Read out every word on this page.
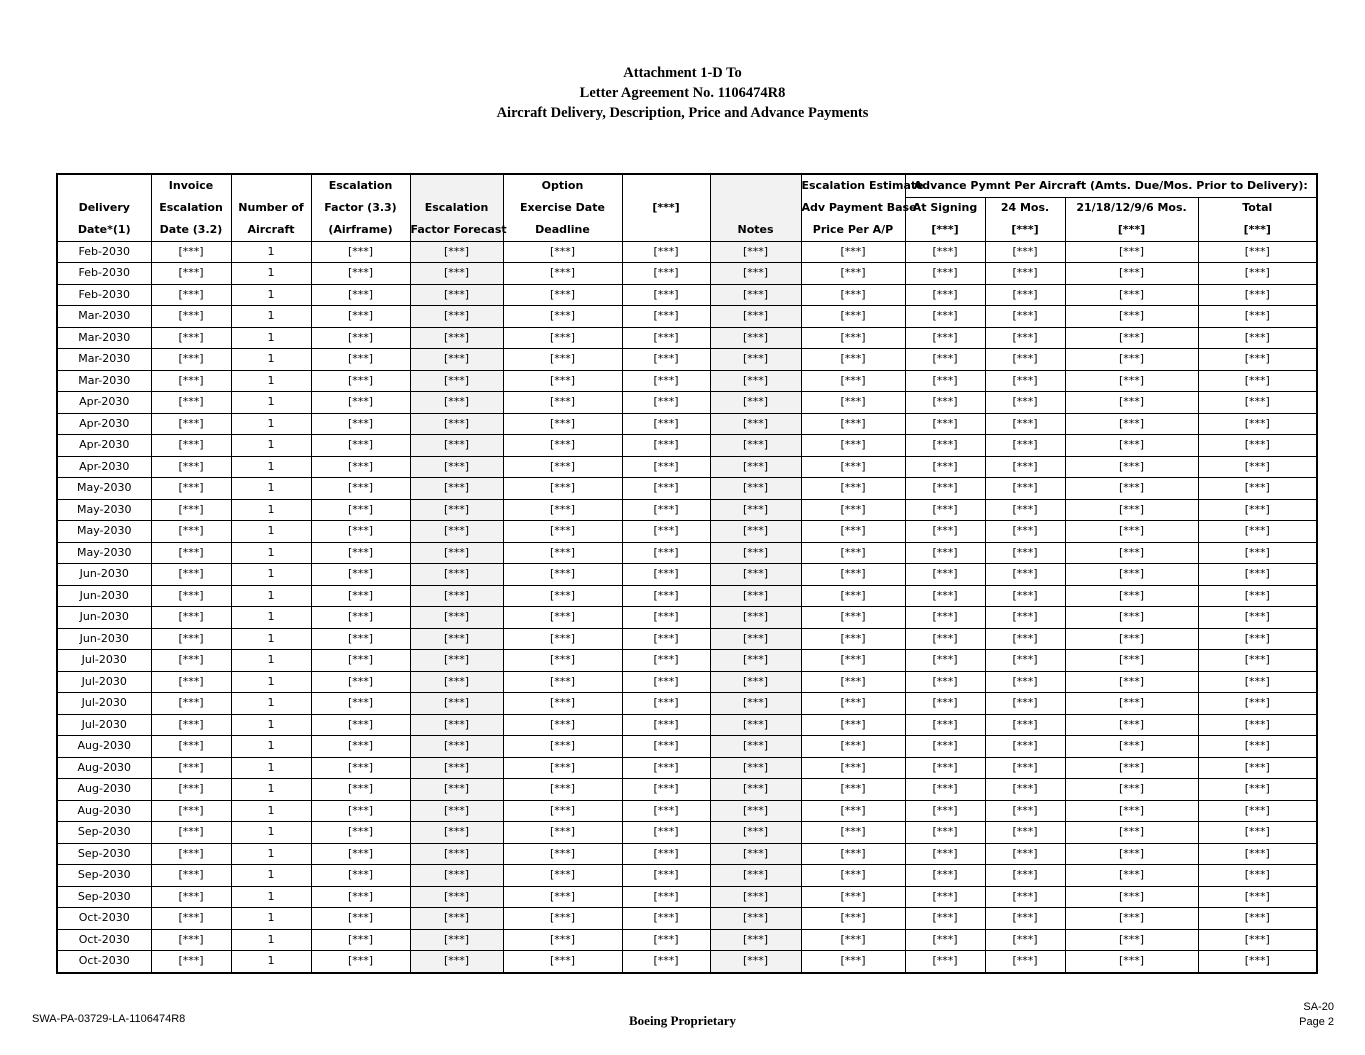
Attachment 1-D To
Letter Agreement No. 1106474R8
Aircraft Delivery, Description, Price and Advance Payments
	Invoice		Escalation		Option			Escalation Estimate	Advance Pymnt Per Aircraft (Amts. Due/Mos. Prior to Delivery):			
Delivery	Escalation	Number of	Factor (3.3)	Escalation	Exercise Date	[***]		Adv Payment Base	At Signing	24 Mos.	21/18/12/9/6 Mos.	Total
Date*(1)	Date (3.2)	Aircraft	(Airframe)	Factor Forecast	Deadline		Notes	Price Per A/P	[***]	[***]	[***]	[***]
Feb-2030	[***]	1	[***]	[***]	[***]	[***]	[***]	[***]	[***]	[***]	[***]	[***]
Feb-2030	[***]	1	[***]	[***]	[***]	[***]	[***]	[***]	[***]	[***]	[***]	[***]
Feb-2030	[***]	1	[***]	[***]	[***]	[***]	[***]	[***]	[***]	[***]	[***]	[***]
Mar-2030	[***]	1	[***]	[***]	[***]	[***]	[***]	[***]	[***]	[***]	[***]	[***]
Mar-2030	[***]	1	[***]	[***]	[***]	[***]	[***]	[***]	[***]	[***]	[***]	[***]
Mar-2030	[***]	1	[***]	[***]	[***]	[***]	[***]	[***]	[***]	[***]	[***]	[***]
Mar-2030	[***]	1	[***]	[***]	[***]	[***]	[***]	[***]	[***]	[***]	[***]	[***]
Apr-2030	[***]	1	[***]	[***]	[***]	[***]	[***]	[***]	[***]	[***]	[***]	[***]
Apr-2030	[***]	1	[***]	[***]	[***]	[***]	[***]	[***]	[***]	[***]	[***]	[***]
Apr-2030	[***]	1	[***]	[***]	[***]	[***]	[***]	[***]	[***]	[***]	[***]	[***]
Apr-2030	[***]	1	[***]	[***]	[***]	[***]	[***]	[***]	[***]	[***]	[***]	[***]
May-2030	[***]	1	[***]	[***]	[***]	[***]	[***]	[***]	[***]	[***]	[***]	[***]
May-2030	[***]	1	[***]	[***]	[***]	[***]	[***]	[***]	[***]	[***]	[***]	[***]
May-2030	[***]	1	[***]	[***]	[***]	[***]	[***]	[***]	[***]	[***]	[***]	[***]
May-2030	[***]	1	[***]	[***]	[***]	[***]	[***]	[***]	[***]	[***]	[***]	[***]
Jun-2030	[***]	1	[***]	[***]	[***]	[***]	[***]	[***]	[***]	[***]	[***]	[***]
Jun-2030	[***]	1	[***]	[***]	[***]	[***]	[***]	[***]	[***]	[***]	[***]	[***]
Jun-2030	[***]	1	[***]	[***]	[***]	[***]	[***]	[***]	[***]	[***]	[***]	[***]
Jun-2030	[***]	1	[***]	[***]	[***]	[***]	[***]	[***]	[***]	[***]	[***]	[***]
Jul-2030	[***]	1	[***]	[***]	[***]	[***]	[***]	[***]	[***]	[***]	[***]	[***]
Jul-2030	[***]	1	[***]	[***]	[***]	[***]	[***]	[***]	[***]	[***]	[***]	[***]
Jul-2030	[***]	1	[***]	[***]	[***]	[***]	[***]	[***]	[***]	[***]	[***]	[***]
Jul-2030	[***]	1	[***]	[***]	[***]	[***]	[***]	[***]	[***]	[***]	[***]	[***]
Aug-2030	[***]	1	[***]	[***]	[***]	[***]	[***]	[***]	[***]	[***]	[***]	[***]
Aug-2030	[***]	1	[***]	[***]	[***]	[***]	[***]	[***]	[***]	[***]	[***]	[***]
Aug-2030	[***]	1	[***]	[***]	[***]	[***]	[***]	[***]	[***]	[***]	[***]	[***]
Aug-2030	[***]	1	[***]	[***]	[***]	[***]	[***]	[***]	[***]	[***]	[***]	[***]
Sep-2030	[***]	1	[***]	[***]	[***]	[***]	[***]	[***]	[***]	[***]	[***]	[***]
Sep-2030	[***]	1	[***]	[***]	[***]	[***]	[***]	[***]	[***]	[***]	[***]	[***]
Sep-2030	[***]	1	[***]	[***]	[***]	[***]	[***]	[***]	[***]	[***]	[***]	[***]
Sep-2030	[***]	1	[***]	[***]	[***]	[***]	[***]	[***]	[***]	[***]	[***]	[***]
Oct-2030	[***]	1	[***]	[***]	[***]	[***]	[***]	[***]	[***]	[***]	[***]	[***]
Oct-2030	[***]	1	[***]	[***]	[***]	[***]	[***]	[***]	[***]	[***]	[***]	[***]
Oct-2030	[***]	1	[***]	[***]	[***]	[***]	[***]	[***]	[***]	[***]	[***]	[***]
SWA-PA-03729-LA-1106474R8	Boeing Proprietary
SA-20
Page 2
